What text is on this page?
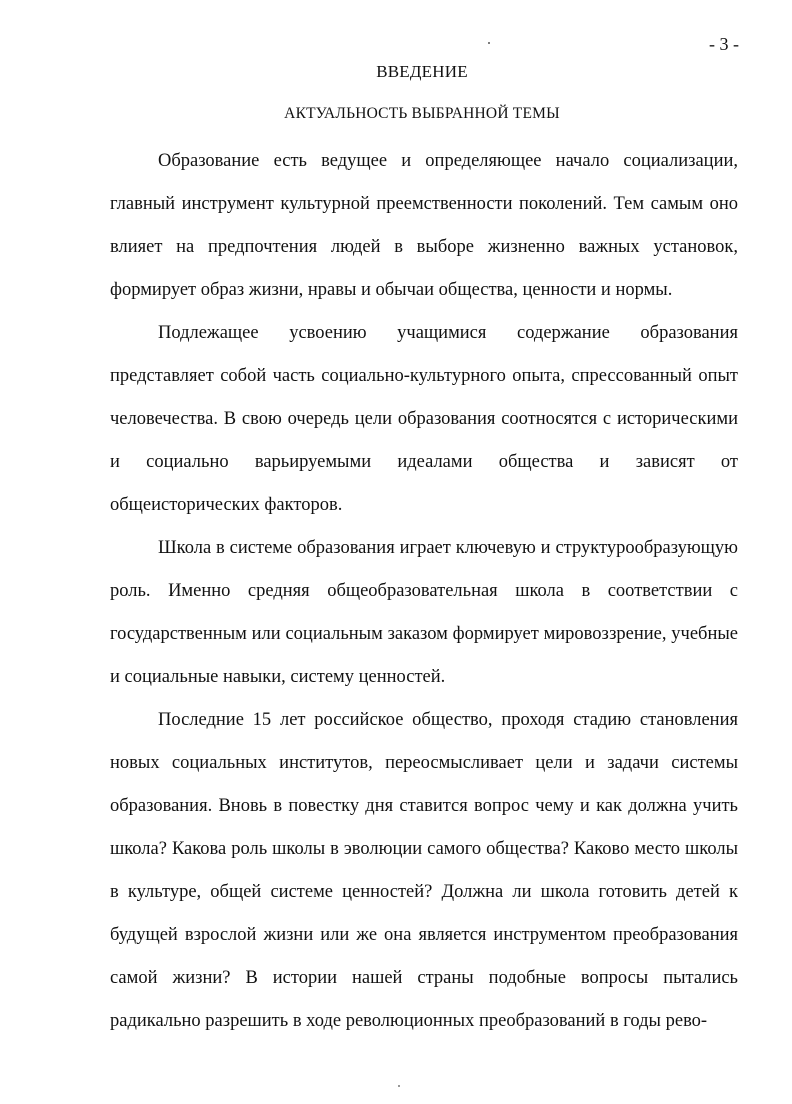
- 3 -
ВВЕДЕНИЕ
АКТУАЛЬНОСТЬ ВЫБРАННОЙ ТЕМЫ

Образование есть ведущее и определяющее начало социализации, главный инструмент культурной преемственности поколений. Тем самым оно влияет на предпочтения людей в выборе жизненно важных установок, формирует образ жизни, нравы и обычаи общества, ценности и нормы.

Подлежащее усвоению учащимися содержание образования представляет собой часть социально-культурного опыта, спрессованный опыт человечества. В свою очередь цели образования соотносятся с историческими и социально варьируемыми идеалами общества и зависят от общеисторических факторов.

Школа в системе образования играет ключевую и структурообразующую роль. Именно средняя общеобразовательная школа в соответствии с государственным или социальным заказом формирует мировоззрение, учебные и социальные навыки, систему ценностей.

Последние 15 лет российское общество, проходя стадию становления новых социальных институтов, переосмысливает цели и задачи системы образования. Вновь в повестку дня ставится вопрос чему и как должна учить школа? Какова роль школы в эволюции самого общества? Каково место школы в культуре, общей системе ценностей? Должна ли школа готовить детей к будущей взрослой жизни или же она является инструментом преобразования самой жизни? В истории нашей страны подобные вопросы пытались радикально разрешить в ходе революционных преобразований в годы рево-
